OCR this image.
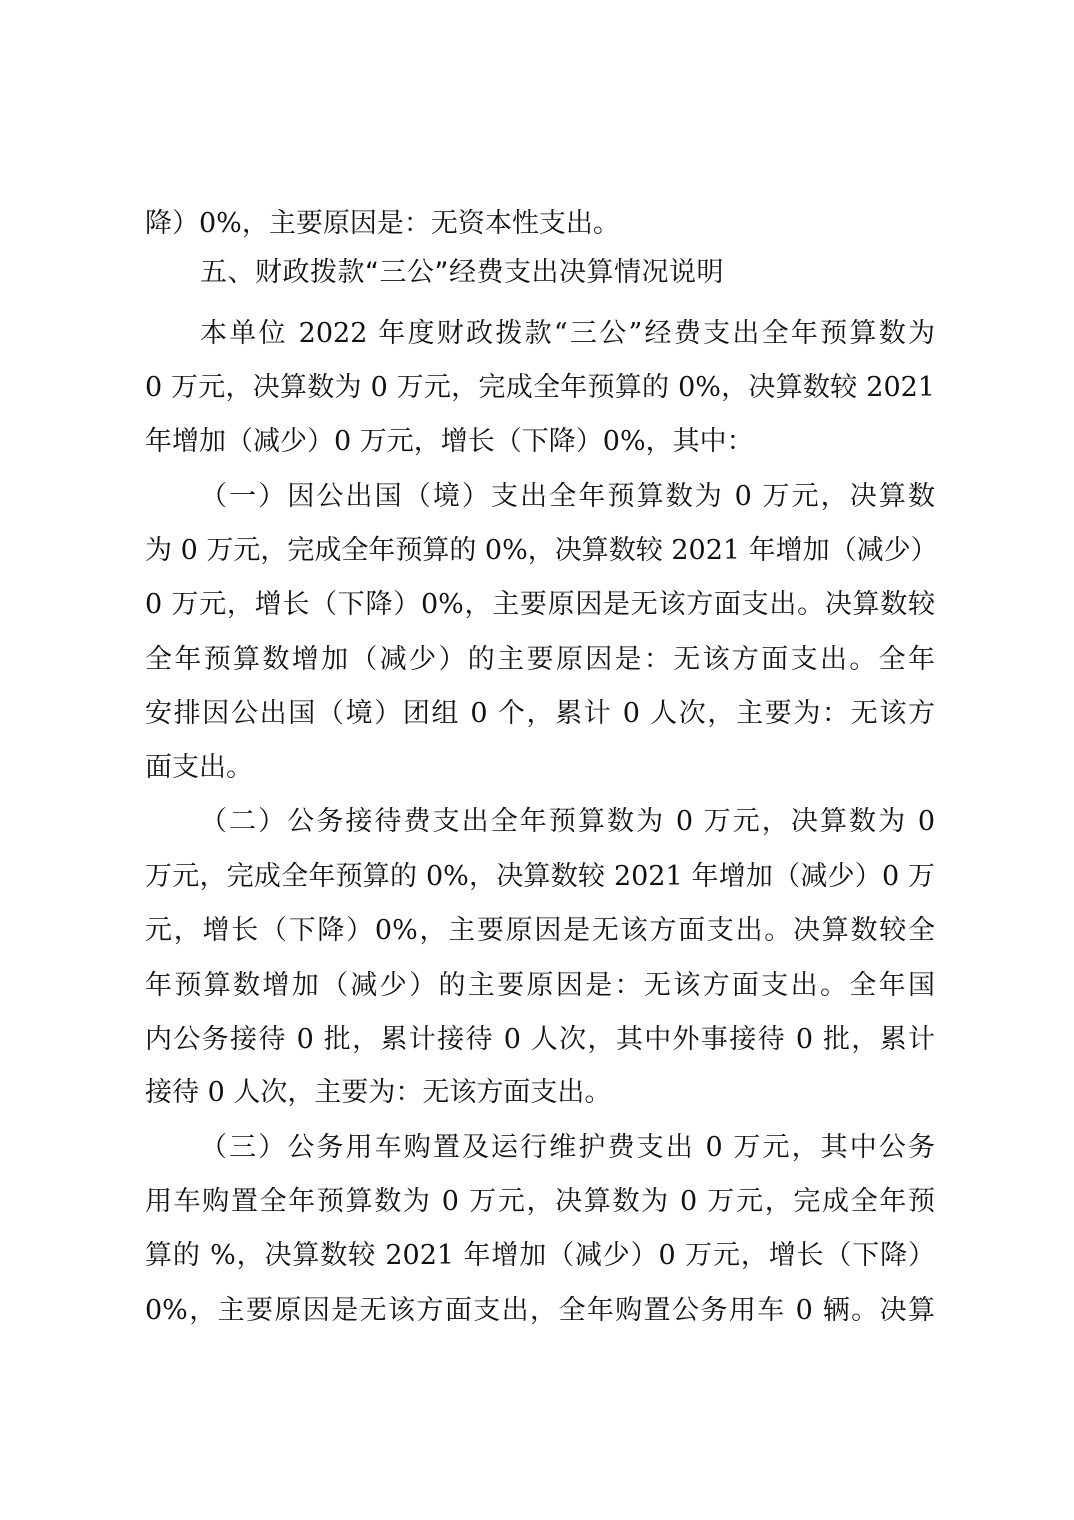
降）0%，主要原因是：无资本性支出。
五、财政拨款“三公”经费支出决算情况说明
本单位 2022 年度财政拨款“三公”经费支出全年预算数为
0 万元，决算数为 0 万元，完成全年预算的 0%，决算数较 2021
年增加（减少）0 万元，增长（下降）0%，其中：
（一）因公出国（境）支出全年预算数为 0 万元，决算数
为 0 万元，完成全年预算的 0%，决算数较 2021 年增加（减少）
0 万元，增长（下降）0%，主要原因是无该方面支出。决算数较
全年预算数增加（减少）的主要原因是：无该方面支出。全年
安排因公出国（境）团组 0 个，累计 0 人次，主要为：无该方
面支出。
（二）公务接待费支出全年预算数为 0 万元，决算数为 0
万元，完成全年预算的 0%，决算数较 2021 年增加（减少）0 万
元，增长（下降）0%，主要原因是无该方面支出。决算数较全
年预算数增加（减少）的主要原因是：无该方面支出。全年国
内公务接待 0 批，累计接待 0 人次，其中外事接待 0 批，累计
接待 0 人次，主要为：无该方面支出。
（三）公务用车购置及运行维护费支出 0 万元，其中公务
用车购置全年预算数为 0 万元，决算数为 0 万元，完成全年预
算的 %，决算数较 2021 年增加（减少）0 万元，增长（下降）
0%，主要原因是无该方面支出，全年购置公务用车 0 辆。决算
